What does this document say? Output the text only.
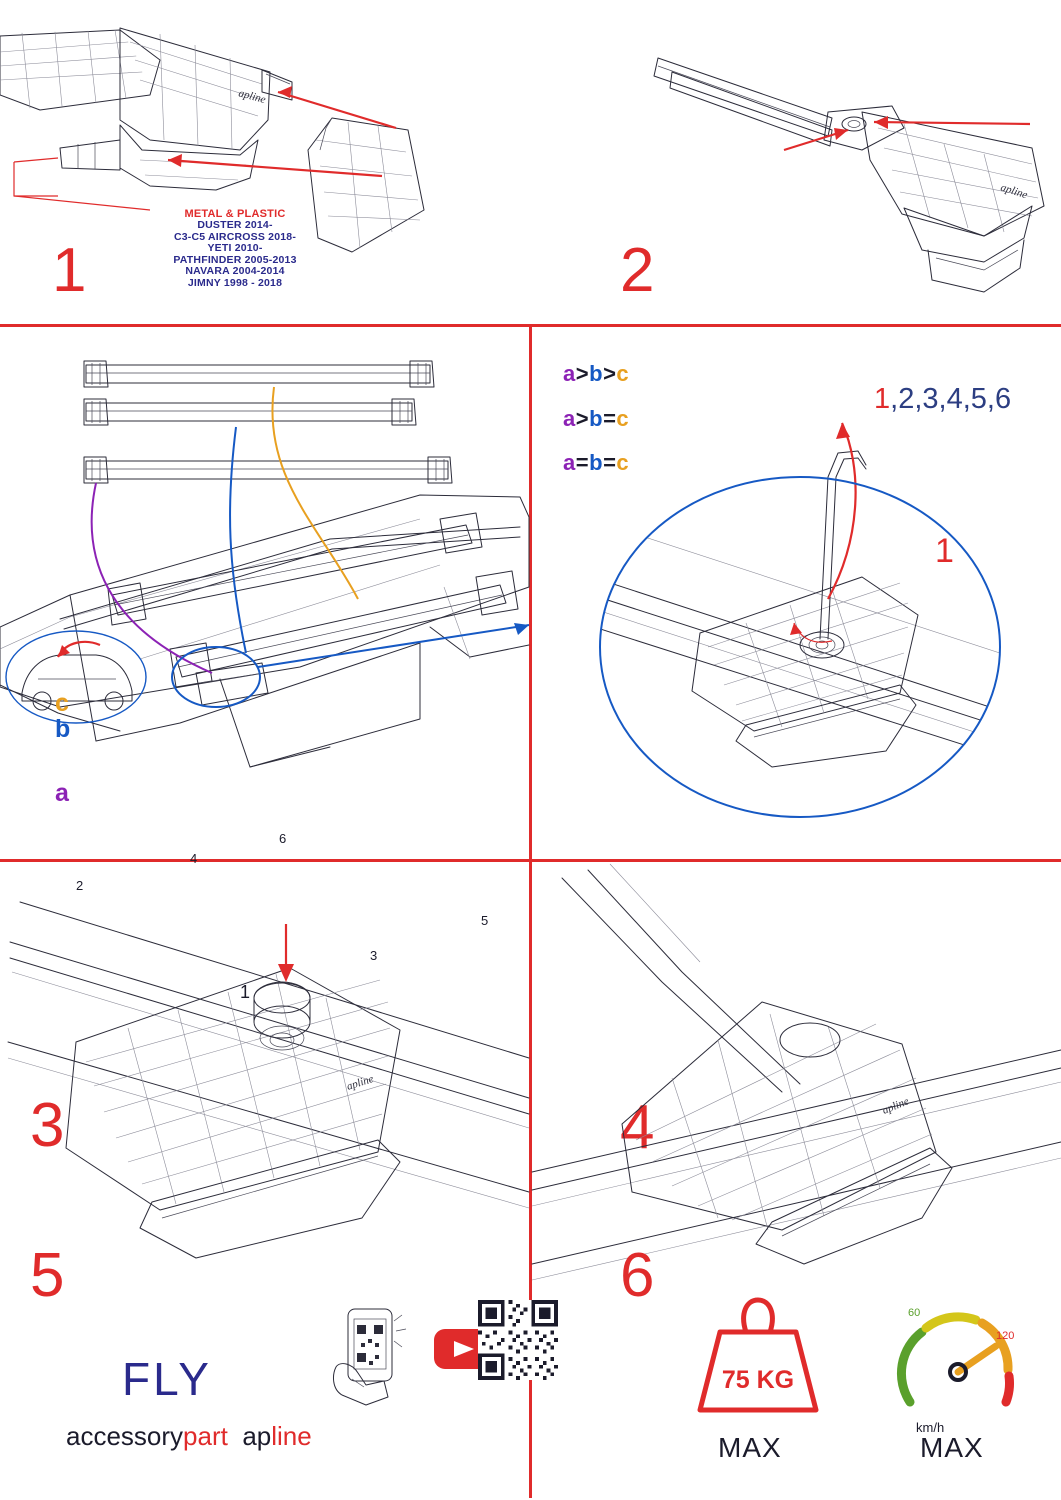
apline
METAL & PLASTIC
DUSTER 2014-
C3-C5 AIRCROSS 2018-
YETI 2010-
PATHFINDER 2005-2013
NAVARA 2004-2014
JIMNY 1998 - 2018
1
apline
2
c
b
a
2
4
6
3
5
1
3
a>b>c
a>b=c
a=b=c
1,2,3,4,5,6
1
4
apline
5
apline
6
FLY
accessorypart apline
75 KG
MAX
60
120
km/h
MAX
